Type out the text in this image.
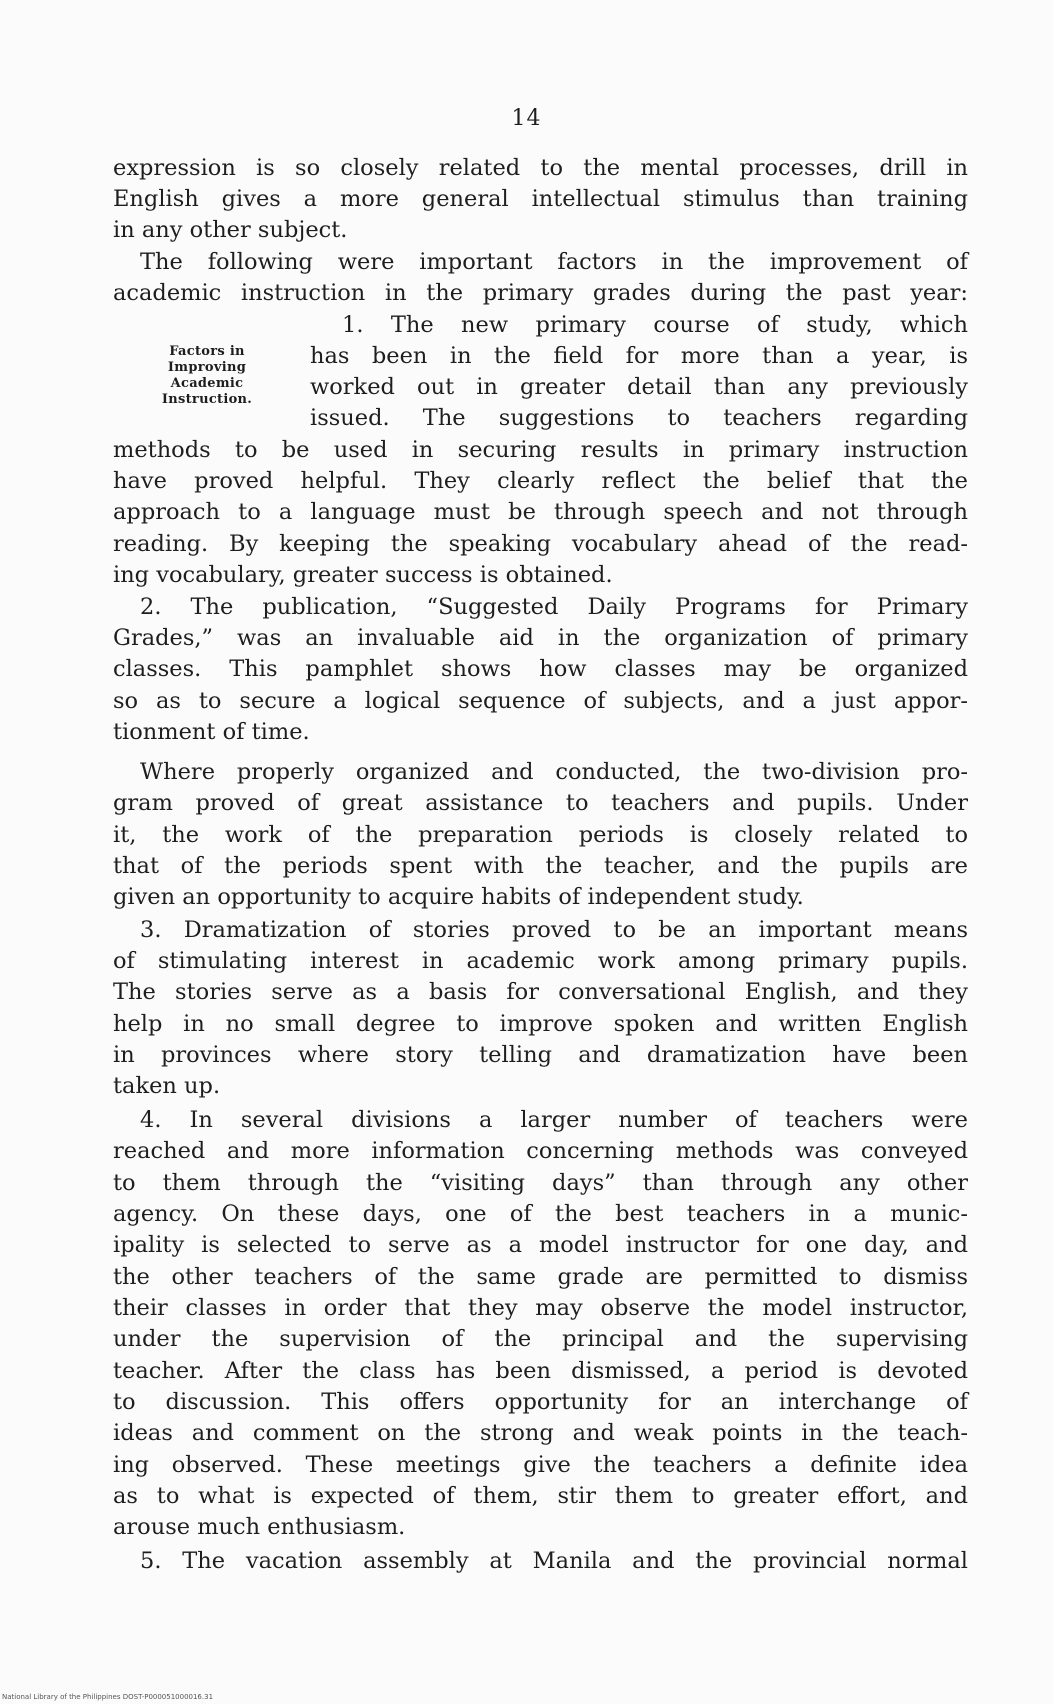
14
Factors in
Improving
Academic
Instruction.
expression is so closely related to the mental processes, drill in
English gives a more general intellectual stimulus than training
in any other subject.
The following were important factors in the improvement of
academic instruction in the primary grades during the past year:
1. The new primary course of study, which
has been in the field for more than a year, is
worked out in greater detail than any previously
issued. The suggestions to teachers regarding
methods to be used in securing results in primary instruction
have proved helpful. They clearly reflect the belief that the
approach to a language must be through speech and not through
reading. By keeping the speaking vocabulary ahead of the read-
ing vocabulary, greater success is obtained.
2. The publication, “Suggested Daily Programs for Primary
Grades,” was an invaluable aid in the organization of primary
classes. This pamphlet shows how classes may be organized
so as to secure a logical sequence of subjects, and a just appor-
tionment of time.
Where properly organized and conducted, the two-division pro-
gram proved of great assistance to teachers and pupils. Under
it, the work of the preparation periods is closely related to
that of the periods spent with the teacher, and the pupils are
given an opportunity to acquire habits of independent study.
3. Dramatization of stories proved to be an important means
of stimulating interest in academic work among primary pupils.
The stories serve as a basis for conversational English, and they
help in no small degree to improve spoken and written English
in provinces where story telling and dramatization have been
taken up.
4. In several divisions a larger number of teachers were
reached and more information concerning methods was conveyed
to them through the “visiting days” than through any other
agency. On these days, one of the best teachers in a munic-
ipality is selected to serve as a model instructor for one day, and
the other teachers of the same grade are permitted to dismiss
their classes in order that they may observe the model instructor,
under the supervision of the principal and the supervising
teacher. After the class has been dismissed, a period is devoted
to discussion. This offers opportunity for an interchange of
ideas and comment on the strong and weak points in the teach-
ing observed. These meetings give the teachers a definite idea
as to what is expected of them, stir them to greater effort, and
arouse much enthusiasm.
5. The vacation assembly at Manila and the provincial normal
National Library of the Philippines DOST-P000051000016.31
